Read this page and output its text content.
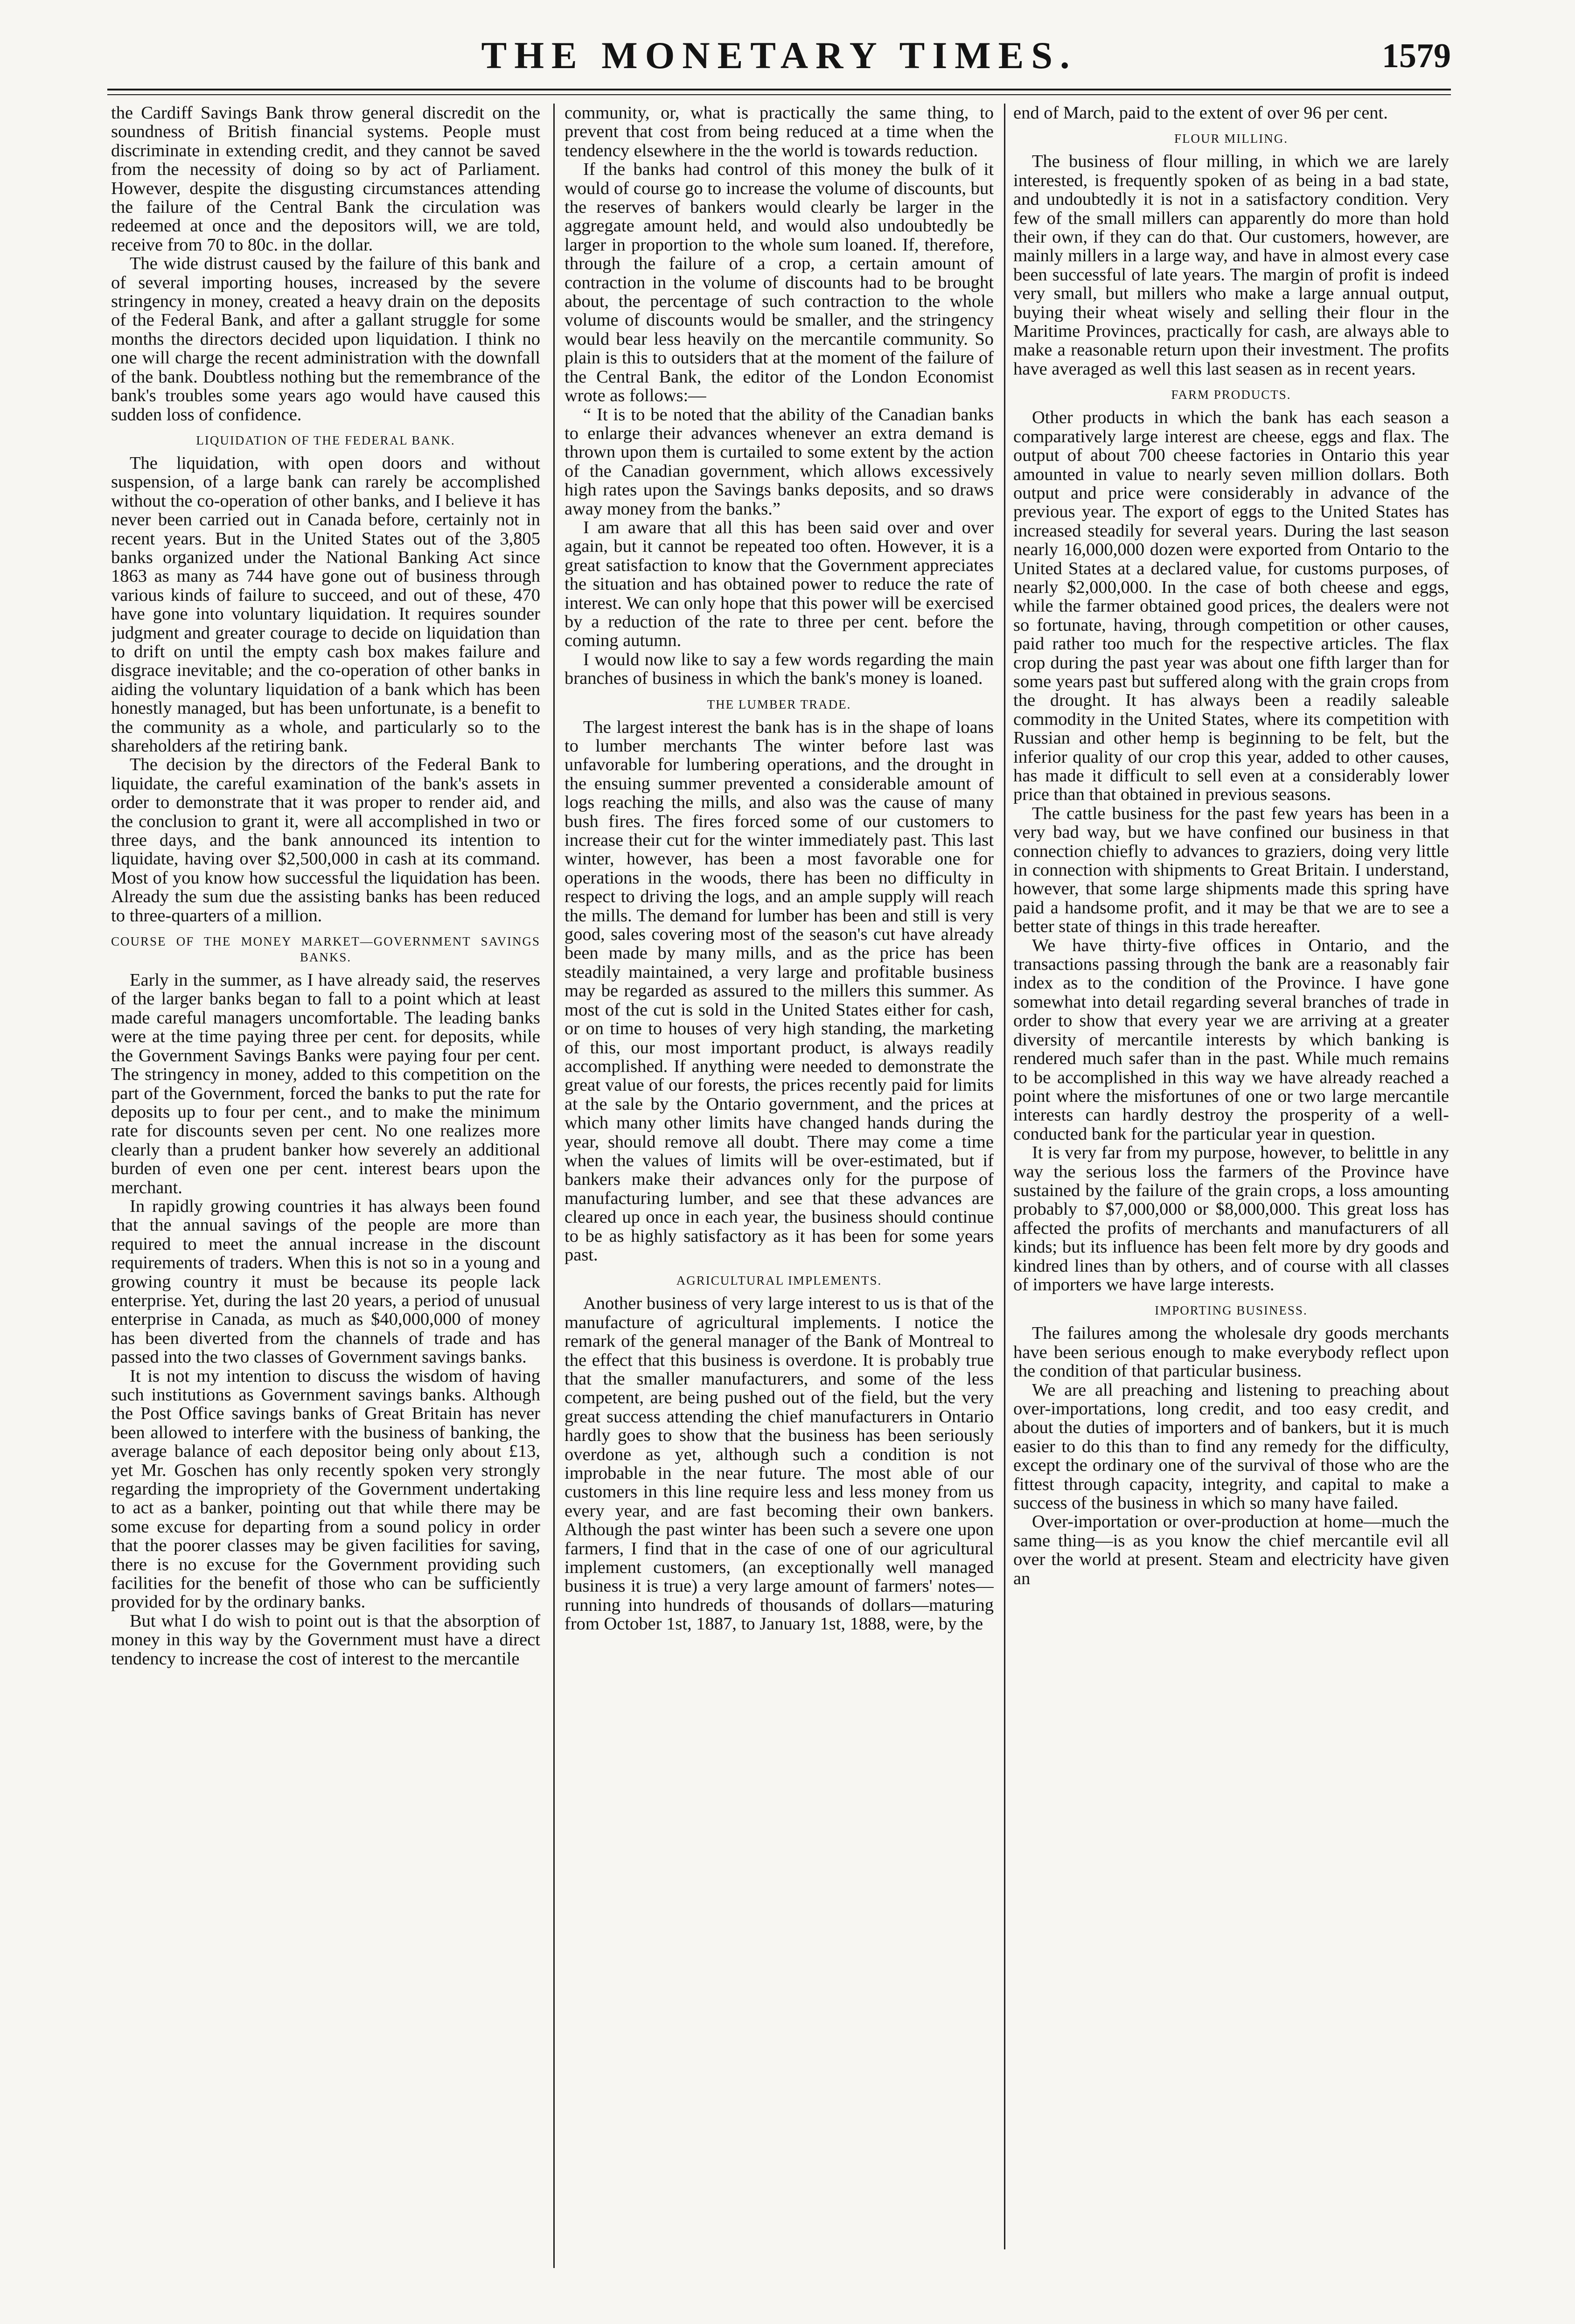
THE MONETARY TIMES.	1579

the Cardiff Savings Bank throw general discredit on the soundness of British financial systems. People must discriminate in extending credit, and they cannot be saved from the necessity of doing so by act of Parliament. However, despite the disgusting circumstances attending the failure of the Central Bank the circulation was redeemed at once and the depositors will, we are told, receive from 70 to 80c. in the dollar.

The wide distrust caused by the failure of this bank and of several importing houses, increased by the severe stringency in money, created a heavy drain on the deposits of the Federal Bank, and after a gallant struggle for some months the directors decided upon liquidation. I think no one will charge the recent administration with the downfall of the bank. Doubtless nothing but the remembrance of the bank's troubles some years ago would have caused this sudden loss of confidence.

LIQUIDATION OF THE FEDERAL BANK.

The liquidation, with open doors and without suspension, of a large bank can rarely be accomplished without the co-operation of other banks, and I believe it has never been carried out in Canada before, certainly not in recent years. But in the United States out of the 3,805 banks organized under the National Banking Act since 1863 as many as 744 have gone out of business through various kinds of failure to succeed, and out of these, 470 have gone into voluntary liquidation. It requires sounder judgment and greater courage to decide on liquidation than to drift on until the empty cash box makes failure and disgrace inevitable; and the co-operation of other banks in aiding the voluntary liquidation of a bank which has been honestly managed, but has been unfortunate, is a benefit to the community as a whole, and particularly so to the shareholders af the retiring bank.

The decision by the directors of the Federal Bank to liquidate, the careful examination of the bank's assets in order to demonstrate that it was proper to render aid, and the conclusion to grant it, were all accomplished in two or three days, and the bank announced its intention to liquidate, having over $2,500,000 in cash at its command. Most of you know how successful the liquidation has been. Already the sum due the assisting banks has been reduced to three-quarters of a million.

COURSE OF THE MONEY MARKET—GOVERNMENT SAVINGS BANKS.

Early in the summer, as I have already said, the reserves of the larger banks began to fall to a point which at least made careful managers uncomfortable. The leading banks were at the time paying three per cent. for deposits, while the Government Savings Banks were paying four per cent. The stringency in money, added to this competition on the part of the Government, forced the banks to put the rate for deposits up to four per cent., and to make the minimum rate for discounts seven per cent. No one realizes more clearly than a prudent banker how severely an additional burden of even one per cent. interest bears upon the merchant.

In rapidly growing countries it has always been found that the annual savings of the people are more than required to meet the annual increase in the discount requirements of traders. When this is not so in a young and growing country it must be because its people lack enterprise. Yet, during the last 20 years, a period of unusual enterprise in Canada, as much as $40,000,000 of money has been diverted from the channels of trade and has passed into the two classes of Government savings banks.

It is not my intention to discuss the wisdom of having such institutions as Government savings banks. Although the Post Office savings banks of Great Britain has never been allowed to interfere with the business of banking, the average balance of each depositor being only about £13, yet Mr. Goschen has only recently spoken very strongly regarding the impropriety of the Government undertaking to act as a banker, pointing out that while there may be some excuse for departing from a sound policy in order that the poorer classes may be given facilities for saving, there is no excuse for the Government providing such facilities for the benefit of those who can be sufficiently provided for by the ordinary banks.

But what I do wish to point out is that the absorption of money in this way by the Government must have a direct tendency to increase the cost of interest to the mercantile

community, or, what is practically the same thing, to prevent that cost from being reduced at a time when the tendency elsewhere in the the world is towards reduction.

If the banks had control of this money the bulk of it would of course go to increase the volume of discounts, but the reserves of bankers would clearly be larger in the aggregate amount held, and would also undoubtedly be larger in proportion to the whole sum loaned. If, therefore, through the failure of a crop, a certain amount of contraction in the volume of discounts had to be brought about, the percentage of such contraction to the whole volume of discounts would be smaller, and the stringency would bear less heavily on the mercantile community. So plain is this to outsiders that at the moment of the failure of the Central Bank, the editor of the London Economist wrote as follows:—

“ It is to be noted that the ability of the Canadian banks to enlarge their advances whenever an extra demand is thrown upon them is curtailed to some extent by the action of the Canadian government, which allows excessively high rates upon the Savings banks deposits, and so draws away money from the banks.”

I am aware that all this has been said over and over again, but it cannot be repeated too often. However, it is a great satisfaction to know that the Government appreciates the situation and has obtained power to reduce the rate of interest. We can only hope that this power will be exercised by a reduction of the rate to three per cent. before the coming autumn.

I would now like to say a few words regarding the main branches of business in which the bank's money is loaned.

THE LUMBER TRADE.

The largest interest the bank has is in the shape of loans to lumber merchants The winter before last was unfavorable for lumbering operations, and the drought in the ensuing summer prevented a considerable amount of logs reaching the mills, and also was the cause of many bush fires. The fires forced some of our customers to increase their cut for the winter immediately past. This last winter, however, has been a most favorable one for operations in the woods, there has been no difficulty in respect to driving the logs, and an ample supply will reach the mills. The demand for lumber has been and still is very good, sales covering most of the season's cut have already been made by many mills, and as the price has been steadily maintained, a very large and profitable business may be regarded as assured to the millers this summer. As most of the cut is sold in the United States either for cash, or on time to houses of very high standing, the marketing of this, our most important product, is always readily accomplished. If anything were needed to demonstrate the great value of our forests, the prices recently paid for limits at the sale by the Ontario government, and the prices at which many other limits have changed hands during the year, should remove all doubt. There may come a time when the values of limits will be over-estimated, but if bankers make their advances only for the purpose of manufacturing lumber, and see that these advances are cleared up once in each year, the business should continue to be as highly satisfactory as it has been for some years past.

AGRICULTURAL IMPLEMENTS.

Another business of very large interest to us is that of the manufacture of agricultural implements. I notice the remark of the general manager of the Bank of Montreal to the effect that this business is overdone. It is probably true that the smaller manufacturers, and some of the less competent, are being pushed out of the field, but the very great success attending the chief manufacturers in Ontario hardly goes to show that the business has been seriously overdone as yet, although such a condition is not improbable in the near future. The most able of our customers in this line require less and less money from us every year, and are fast becoming their own bankers. Although the past winter has been such a severe one upon farmers, I find that in the case of one of our agricultural implement customers, (an exceptionally well managed business it is true) a very large amount of farmers' notes—running into hundreds of thousands of dollars—maturing from October 1st, 1887, to January 1st, 1888, were, by the

end of March, paid to the extent of over 96 per cent.

FLOUR MILLING.

The business of flour milling, in which we are larely interested, is frequently spoken of as being in a bad state, and undoubtedly it is not in a satisfactory condition. Very few of the small millers can apparently do more than hold their own, if they can do that. Our customers, however, are mainly millers in a large way, and have in almost every case been successful of late years. The margin of profit is indeed very small, but millers who make a large annual output, buying their wheat wisely and selling their flour in the Maritime Provinces, practically for cash, are always able to make a reasonable return upon their investment. The profits have averaged as well this last seasen as in recent years.

FARM PRODUCTS.

Other products in which the bank has each season a comparatively large interest are cheese, eggs and flax. The output of about 700 cheese factories in Ontario this year amounted in value to nearly seven million dollars. Both output and price were considerably in advance of the previous year. The export of eggs to the United States has increased steadily for several years. During the last season nearly 16,000,000 dozen were exported from Ontario to the United States at a declared value, for customs purposes, of nearly $2,000,000. In the case of both cheese and eggs, while the farmer obtained good prices, the dealers were not so fortunate, having, through competition or other causes, paid rather too much for the respective articles. The flax crop during the past year was about one fifth larger than for some years past but suffered along with the grain crops from the drought. It has always been a readily saleable commodity in the United States, where its competition with Russian and other hemp is beginning to be felt, but the inferior quality of our crop this year, added to other causes, has made it difficult to sell even at a considerably lower price than that obtained in previous seasons.

The cattle business for the past few years has been in a very bad way, but we have confined our business in that connection chiefly to advances to graziers, doing very little in connection with shipments to Great Britain. I understand, however, that some large shipments made this spring have paid a handsome profit, and it may be that we are to see a better state of things in this trade hereafter.

We have thirty-five offices in Ontario, and the transactions passing through the bank are a reasonably fair index as to the condition of the Province. I have gone somewhat into detail regarding several branches of trade in order to show that every year we are arriving at a greater diversity of mercantile interests by which banking is rendered much safer than in the past. While much remains to be accomplished in this way we have already reached a point where the misfortunes of one or two large mercantile interests can hardly destroy the prosperity of a well-conducted bank for the particular year in question.

It is very far from my purpose, however, to belittle in any way the serious loss the farmers of the Province have sustained by the failure of the grain crops, a loss amounting probably to $7,000,000 or $8,000,000. This great loss has affected the profits of merchants and manufacturers of all kinds; but its influence has been felt more by dry goods and kindred lines than by others, and of course with all classes of importers we have large interests.

IMPORTING BUSINESS.

The failures among the wholesale dry goods merchants have been serious enough to make everybody reflect upon the condition of that particular business.

We are all preaching and listening to preaching about over-importations, long credit, and too easy credit, and about the duties of importers and of bankers, but it is much easier to do this than to find any remedy for the difficulty, except the ordinary one of the survival of those who are the fittest through capacity, integrity, and capital to make a success of the business in which so many have failed.

Over-importation or over-production at home—much the same thing—is as you know the chief mercantile evil all over the world at present. Steam and electricity have given an
